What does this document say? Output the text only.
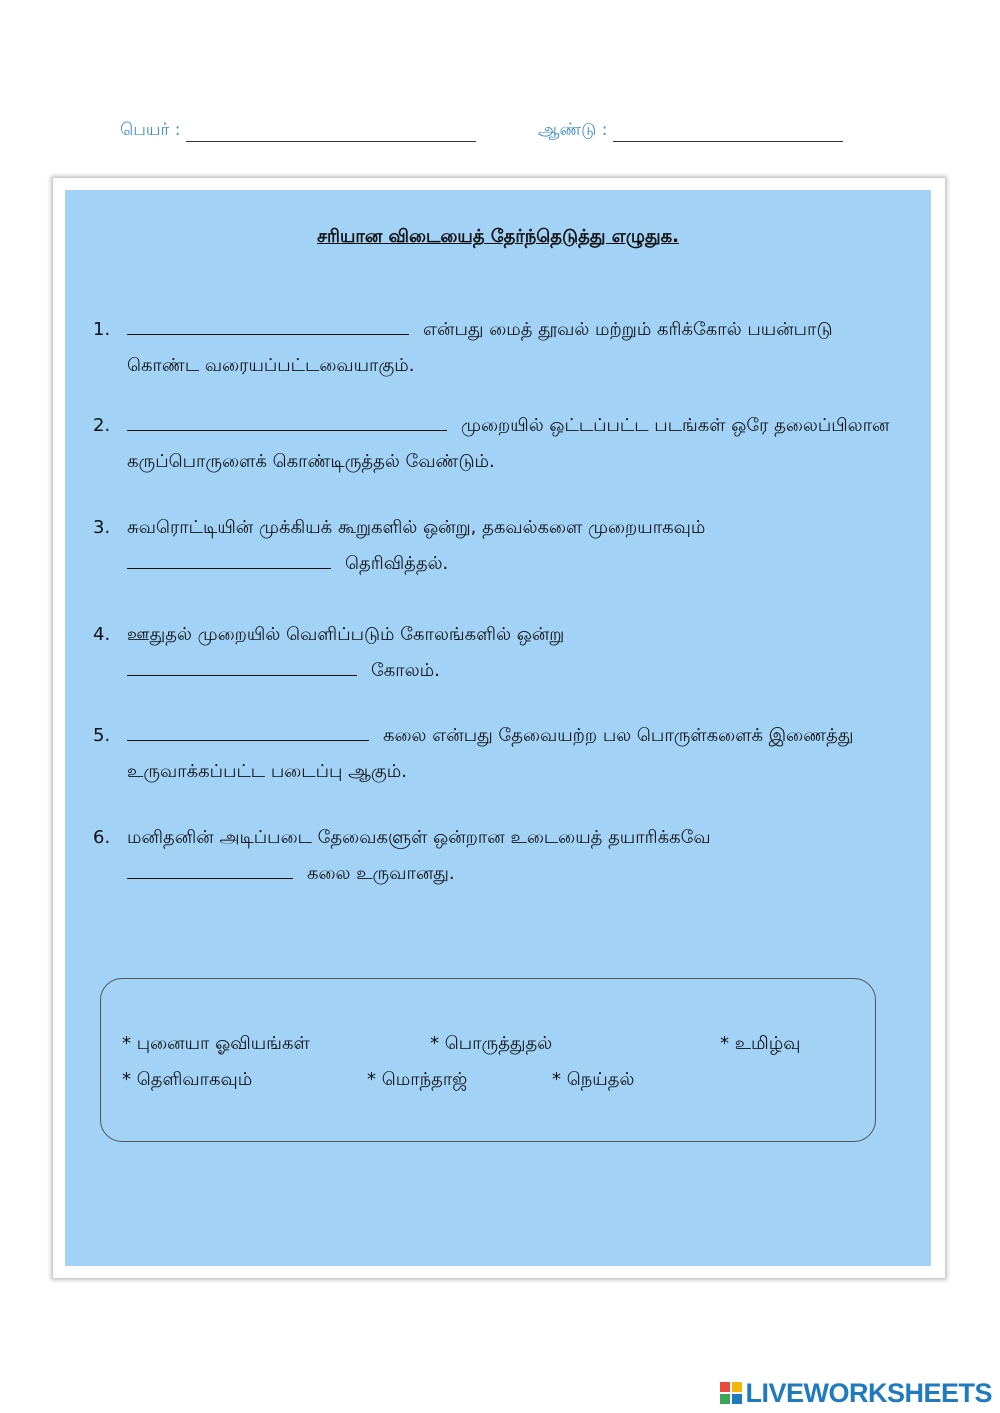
பெயர் :	ஆண்டு :
சரியான விடையைத் தேர்ந்தெடுத்து எழுதுக.
1.	என்பது மைத் தூவல் மற்றும் கரிக்கோல் பயன்பாடு கொண்ட வரையப்பட்டவையாகும்.
2.	முறையில் ஒட்டப்பட்ட படங்கள் ஒரே தலைப்பிலான கருப்பொருளைக் கொண்டிருத்தல் வேண்டும்.
3. சுவரொட்டியின் முக்கியக் கூறுகளில் ஒன்று, தகவல்களை முறையாகவும்
தெரிவித்தல்.
4. ஊதுதல் முறையில் வெளிப்படும் கோலங்களில் ஒன்று
கோலம்.
5.	கலை என்பது தேவையற்ற பல பொருள்களைக் இணைத்து உருவாக்கப்பட்ட படைப்பு ஆகும்.
6. மனிதனின் அடிப்படை தேவைகளுள் ஒன்றான உடையைத் தயாரிக்கவே
கலை உருவானது.
* புனையா ஓவியங்கள்	* பொருத்துதல்	* உமிழ்வு
* தெளிவாகவும்	* மொந்தாஜ்	* நெய்தல்
LIVEWORKSHEETS
